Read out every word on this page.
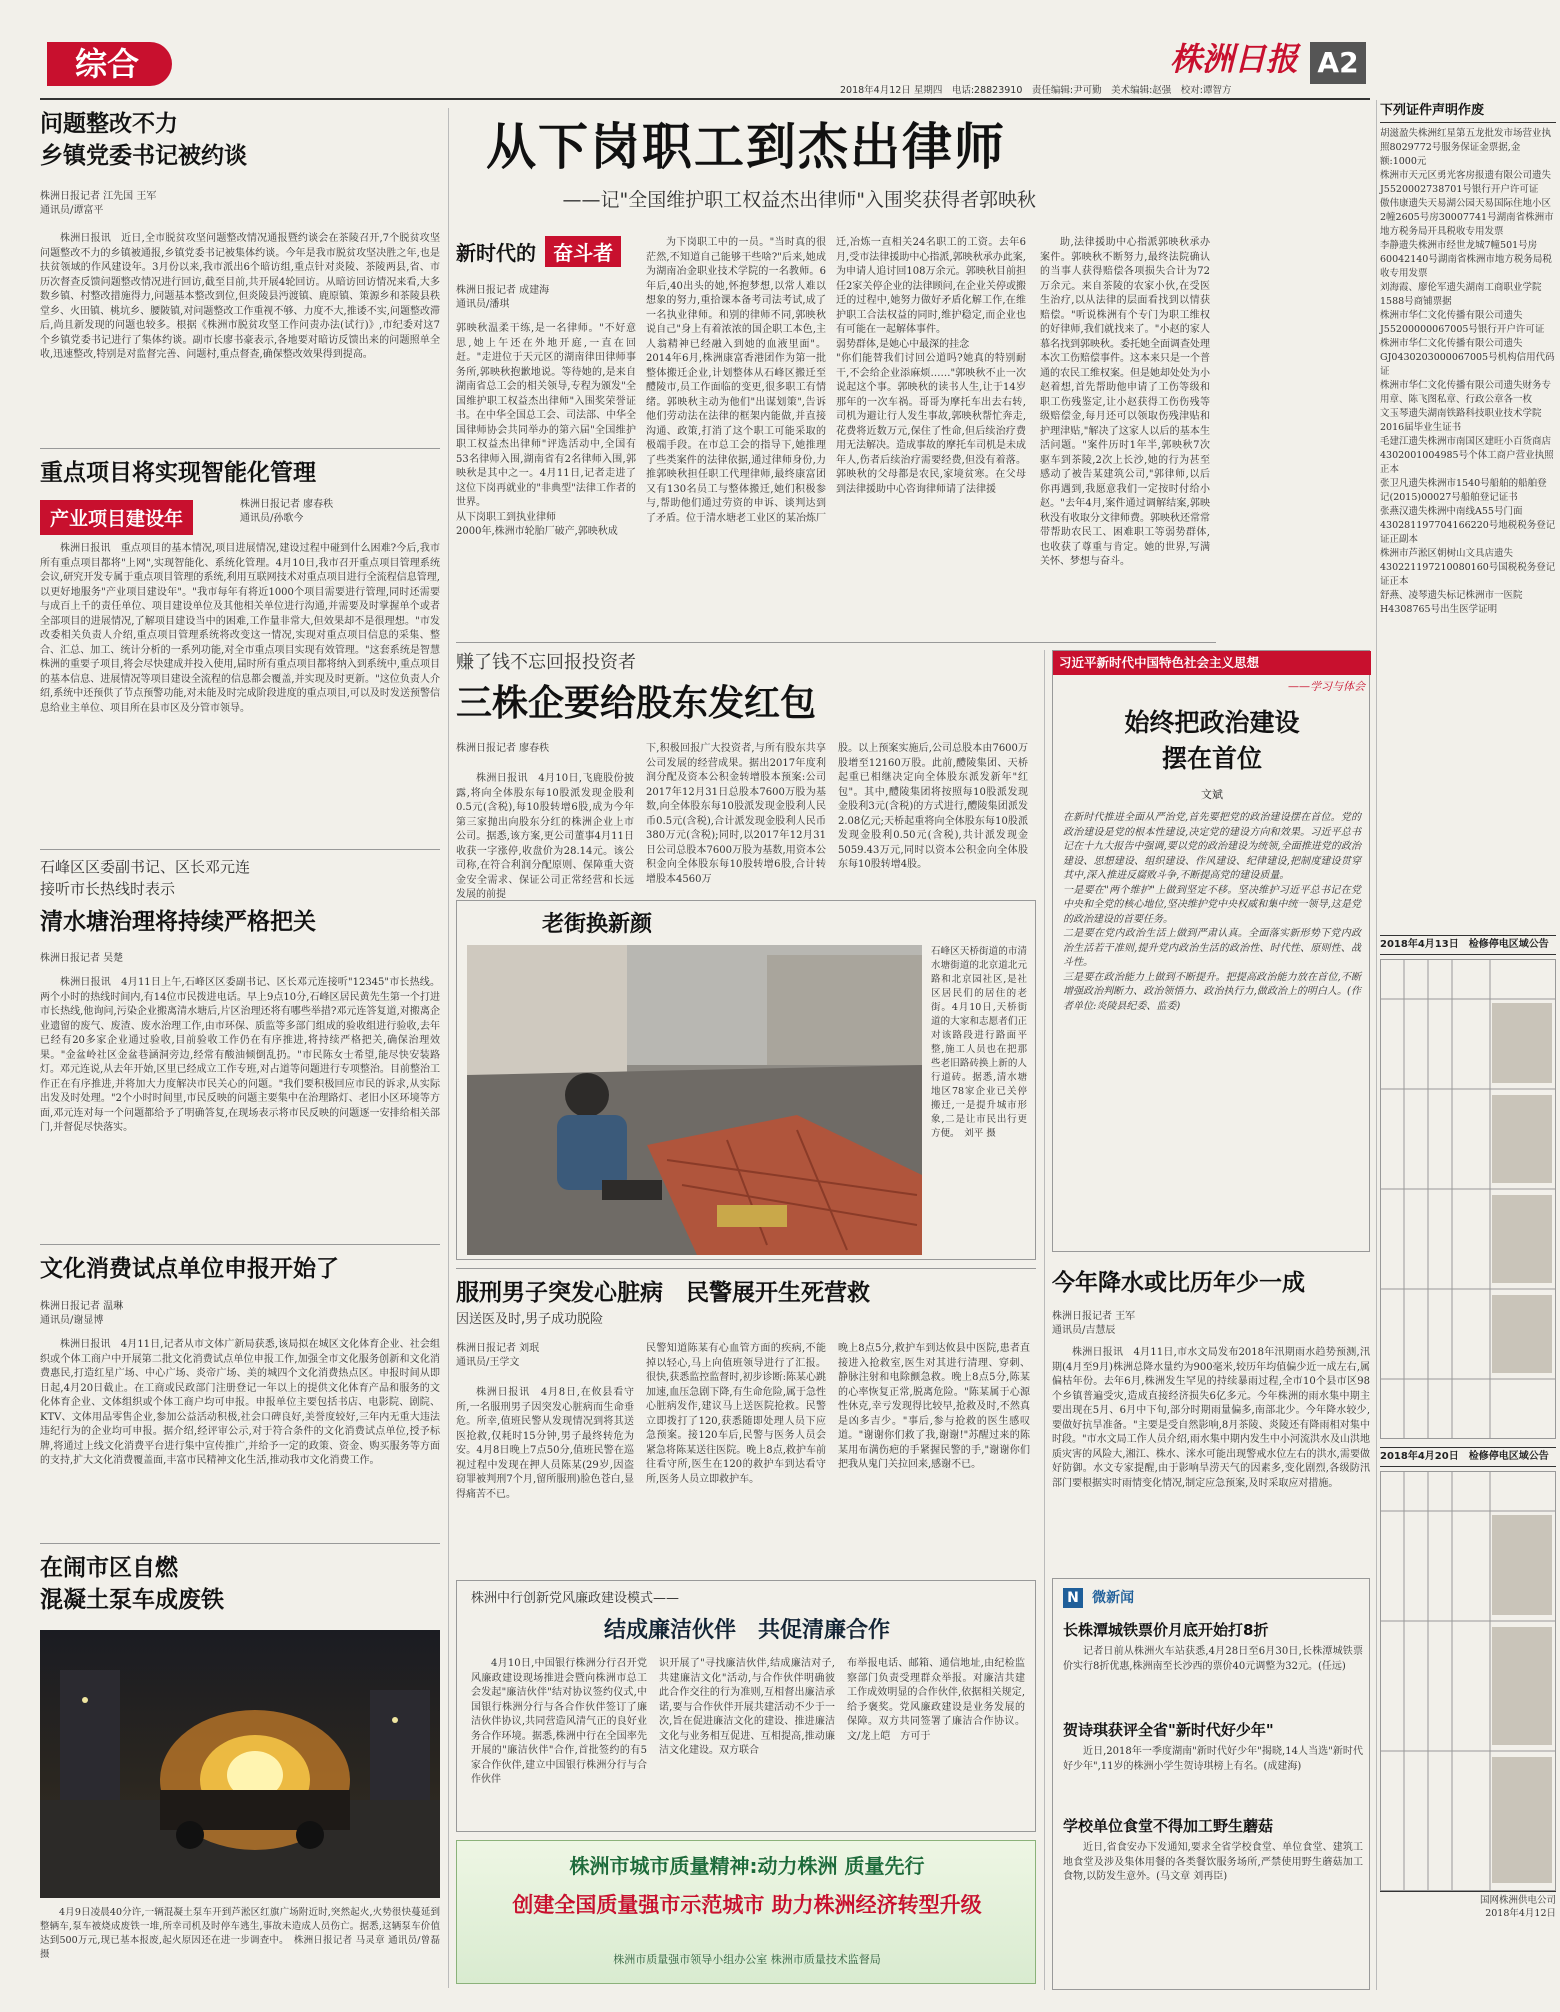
综合	株洲日报 A2
2018年4月12日 星期四　电话:28823910　责任编辑:尹可勤　美术编辑:赵强　校对:谭智方
问题整改不力
乡镇党委书记被约谈
株洲日报记者 江先国 王军
通讯员/谭富平
株洲日报讯　近日,全市脱贫攻坚问题整改情况通报暨约谈会在茶陵召开,7个脱贫攻坚问题整改不力的乡镇被通报,乡镇党委书记被集体约谈。今年是我市脱贫攻坚决胜之年,也是扶贫领域的作风建设年。3月份以来,我市派出6个暗访组,重点针对炎陵、茶陵两县,省、市历次督查反馈问题整改情况进行回访,截至目前,共开展4轮回访。从暗访回访情况来看,大多数乡镇、村整改措施得力,问题基本整改到位,但炎陵县沔渡镇、鹿原镇、策源乡和茶陵县秩堂乡、火田镇、桃坑乡、腰陂镇,对问题整改工作重视不够、力度不大,推诿不实,问题整改滞后,尚且新发现的问题也较多。根据《株洲市脱贫攻坚工作问责办法(试行)》,市纪委对这7个乡镇党委书记进行了集体约谈。副市长廖书豪表示,各地要对暗访反馈出来的问题照单全收,迅速整改,特别是对监督完善、问题村,重点督查,确保整改效果得到提高。
重点项目将实现智能化管理
产业项目建设年
株洲日报记者 廖春秩
通讯员/孙歌今
株洲日报讯　重点项目的基本情况,项目进展情况,建设过程中碰到什么困难?今后,我市所有重点项目都将"上网",实现智能化、系统化管理。4月10日,我市召开重点项目管理系统会议,研究开发专属于重点项目管理的系统,利用互联网技术对重点项目进行全流程信息管理,以更好地服务"产业项目建设年"。"我市每年有将近1000个项目需要进行管理,同时还需要与成百上千的责任单位、项目建设单位及其他相关单位进行沟通,并需要及时掌握单个或者全部项目的进展情况,了解项目建设当中的困难,工作量非常大,但效果却不是很理想。"市发改委相关负责人介绍,重点项目管理系统将改变这一情况,实现对重点项目信息的采集、整合、汇总、加工、统计分析的一系列功能,对全市重点项目实现有效管理。"这套系统是智慧株洲的重要子项目,将会尽快建成并投入使用,届时所有重点项目都将纳入到系统中,重点项目的基本信息、进展情况等项目建设全流程的信息都会覆盖,并实现及时更新。"这位负责人介绍,系统中还预供了节点预警功能,对未能及时完成阶段进度的重点项目,可以及时发送预警信息给业主单位、项目所在县市区及分管市领导。
石峰区区委副书记、区长邓元连
接听市长热线时表示
清水塘治理将持续严格把关
株洲日报记者 吴楚
株洲日报讯　4月11日上午,石峰区区委副书记、区长邓元连接听"12345"市长热线。两个小时的热线时间内,有14位市民拨进电话。早上9点10分,石峰区居民黄先生第一个打进市长热线,他询问,污染企业搬离清水塘后,片区治理还将有哪些举措?邓元连答复道,对搬离企业遗留的废气、废渣、废水治理工作,由市环保、质监等多部门组成的验收组进行验收,去年已经有20多家企业通过验收,目前验收工作仍在有序推进,将持续严格把关,确保治理效果。"金盆岭社区金盆巷涵洞旁边,经常有酸油倾倒乱扔。"市民陈女士希望,能尽快安装路灯。邓元连说,从去年开始,区里已经成立工作专班,对占道等问题进行专项整治。目前整治工作正在有序推进,并将加大力度解决市民关心的问题。"我们要积极回应市民的诉求,从实际出发及时处理。"2个小时时间里,市民反映的问题主要集中在治理路灯、老旧小区环境等方面,邓元连对每一个问题都给予了明确答复,在现场表示将市民反映的问题逐一安排给相关部门,并督促尽快落实。
文化消费试点单位申报开始了
株洲日报记者 温琳
通讯员/谢显博
株洲日报讯　4月11日,记者从市文体广新局获悉,该局拟在城区文化体育企业、社会组织或个体工商户中开展第二批文化消费试点单位申报工作,加强全市文化服务创新和文化消费惠民,打造红星广场、中心广场、炎帝广场、美的城四个文化消费热点区。申报时间从即日起,4月20日截止。在工商或民政部门注册登记一年以上的提供文化体育产品和服务的文化体育企业、文体组织或个体工商户均可申报。申报单位主要包括书店、电影院、剧院、KTV、文体用品零售企业,参加公益活动积极,社会口碑良好,美誉度较好,三年内无重大违法违纪行为的企业均可申报。据介绍,经评审公示,对于符合条件的文化消费试点单位,授予标牌,将通过上线文化消费平台进行集中宣传推广,并给予一定的政策、资金、购买服务等方面的支持,扩大文化消费覆盖面,丰富市民精神文化生活,推动我市文化消费工作。
在闹市区自燃
混凝土泵车成废铁
4月9日凌晨40分许,一辆混凝土泵车开到芦淞区红旗广场附近时,突然起火,火势很快蔓延到整辆车,泵车被烧成废铁一堆,所幸司机及时停车逃生,事故未造成人员伤亡。据悉,这辆泵车价值达到500万元,现已基本报废,起火原因还在进一步调查中。　株洲日报记者 马灵章 通讯员/曾磊 摄
从下岗职工到杰出律师
——记"全国维护职工权益杰出律师"入围奖获得者郭映秋
新时代的 奋斗者
株洲日报记者 成建海
通讯员/潘琪
郭映秋温柔干练,是一名律师。"不好意思,她上午还在外地开庭,一直在回赶。"走进位于天元区的湖南律田律师事务所,郭映秋抱歉地说。等待她的,是来自湖南省总工会的相关领导,专程为颁发"全国维护职工权益杰出律师"入围奖荣誉证书。在中华全国总工会、司法部、中华全国律师协会共同举办的第六届"全国维护职工权益杰出律师"评选活动中,全国有53名律师入围,湖南省有2名律师入围,郭映秋是其中之一。4月11日,记者走进了这位下岗再就业的"非典型"法律工作者的世界。
从下岗职工到执业律师
2000年,株洲市轮胎厂破产,郭映秋成
为下岗职工中的一员。"当时真的很茫然,不知道自己能够干些啥?"后来,她成为湖南冶金职业技术学院的一名教师。6年后,40出头的她,怀抱梦想,以常人难以想象的努力,重拾课本备考司法考试,成了一名执业律师。和别的律师不同,郭映秋说自己"身上有着浓浓的国企职工本色,主人翁精神已经融入到她的血液里面"。2014年6月,株洲康富香港团作为第一批整体搬迁企业,计划整体从石峰区搬迁至醴陵市,员工作面临的变更,很多职工有情绪。郭映秋主动为他们"出谋划策",告诉他们劳动法在法律的框架内能做,并直接沟通、政策,打消了这个职工可能采取的极端手段。在市总工会的指导下,她推理了些类案件的法律依据,通过律师身份,力推郭映秋担任职工代理律师,最终康富团又有130名员工与整体搬迁,她们积极参与,帮助他们通过劳资的申诉、谈判达到了矛盾。位于清水塘老工业区的某冶炼厂
迁,冶炼一直相关24名职工的工资。去年6月,受市法律援助中心指派,郭映秋承办此案,为申请人追讨回108万余元。郭映秋目前担任2家关停企业的法律顾问,在企业关停或搬迁的过程中,她努力做好矛盾化解工作,在维护职工合法权益的同时,维护稳定,而企业也有可能在一起解体事件。
弱势群体,是她心中最深的挂念
"你们能替我们讨回公道吗?她真的特别耐干,不会给企业添麻烦……"郭映秋不止一次说起这个事。郭映秋的读书人生,让于14岁那年的一次车祸。哥哥为摩托车出去右转,司机为避让行人发生事故,郭映秋帮忙奔走,花费将近数万元,保住了性命,但后续治疗费用无法解决。造成事故的摩托车司机是未成年人,伤者后续治疗需要经费,但没有着落。郭映秋的父母都是农民,家境贫寒。在父母到法律援助中心咨询律师请了法律援
助,法律援助中心指派郭映秋承办案件。郭映秋不断努力,最终法院确认的当事人获得赔偿各项损失合计为72万余元。来自茶陵的农家小伙,在受医生治疗,以从法律的层面看找到以情获赔偿。"听说株洲有个专门为职工维权的好律师,我们就找来了。"小赵的家人慕名找到郭映秋。委托她全面调查处理本次工伤赔偿事件。这本来只是一个普通的农民工维权案。但是她却处处为小赵着想,首先帮助他申请了工伤等级和职工伤残鉴定,让小赵获得工伤伤残等级赔偿金,每月还可以领取伤残津贴和护理津贴,"解决了这家人以后的基本生活问题。"案件历时1年半,郭映秋7次驱车到茶陵,2次上长沙,她的行为甚至感动了被告某建筑公司,"郭律师,以后你再遇到,我愿意我们一定按时付给小赵。"去年4月,案件通过调解结案,郭映秋没有收取分文律师费。郭映秋还常常带帮助农民工、困难职工等弱势群体,也收获了尊重与肯定。她的世界,写满关怀、梦想与奋斗。
赚了钱不忘回报投资者
三株企要给股东发红包
株洲日报记者 廖春秩
株洲日报讯　4月10日,飞鹿股份披露,将向全体股东每10股派发现金股利0.5元(含税),每10股转增6股,成为今年第三家抛出向股东分红的株洲企业上市公司。据悉,该方案,更公司董事4月11日收获一字涨停,收盘价为28.14元。该公司称,在符合利润分配原则、保障重大资金安全需求、保证公司正常经营和长远发展的前提
下,积极回报广大投资者,与所有股东共享公司发展的经营成果。据出2017年度利润分配及资本公积金转增股本预案:公司2017年12月31日总股本7600万股为基数,向全体股东每10股派发现金股利人民币0.5元(含税),合计派发现金股利人民币380万元(含税);同时,以2017年12月31日公司总股本7600万股为基数,用资本公积金向全体股东每10股转增6股,合计转增股本4560万
股。以上预案实施后,公司总股本由7600万股增至12160万股。此前,醴陵集团、天桥起重已相继决定向全体股东派发新年"红包"。其中,醴陵集团将按照每10股派发现金股利3元(含税)的方式进行,醴陵集团派发2.08亿元;天桥起重将向全体股东每10股派发现金股利0.50元(含税),共计派发现金5059.43万元,同时以资本公积金向全体股东每10股转增4股。
老街换新颜
石峰区天桥街道的市清水塘街道的北京道北元路和北京园社区,是社区居民们的居住的老街。4月10日,天桥街道的大家和志愿者们正对该路段进行路面平整,施工人员也在把那些老旧路砖换上新的人行道砖。据悉,清水塘地区78家企业已关停搬迁,一是提升城市形象,二是让市民出行更方便。　刘平 摄
服刑男子突发心脏病　民警展开生死营救
因送医及时,男子成功脱险
株洲日报记者 刘珉
通讯员/王学文
株洲日报讯　4月8日,在攸县看守所,一名服刑男子因突发心脏病而生命垂危。所幸,值班民警从发现情况到将其送医抢救,仅耗时15分钟,男子最终转危为安。4月8日晚上7点50分,值班民警在巡视过程中发现在押人员陈某(29岁,因盗窃罪被判刑7个月,留所服刑)脸色苍白,显得痛苦不已。
民警知道陈某有心血管方面的疾病,不能掉以轻心,马上向值班领导进行了汇报。很快,获悉监控监督时,初步诊断:陈某心跳加速,血压急剧下降,有生命危险,属于急性心脏病发作,建议马上送医院抢救。民警立即拨打了120,获悉随即处理人员下应急预案。接120车后,民警与医务人员会紧急将陈某送往医院。晚上8点,救护车前往看守所,医生在120的救护车到达看守所,医务人员立即救护车。
晚上8点5分,救护车到达攸县中医院,患者直接进入抢救室,医生对其进行清理、穿刺、静脉注射和电除颤急救。晚上8点5分,陈某的心率恢复正常,脱离危险。"陈某属于心源性休克,幸亏发现得比较早,抢救及时,不然真是凶多吉少。"事后,参与抢救的医生感叹道。"谢谢你们救了我,谢谢!"苏醒过来的陈某用布满伤疤的手紧握民警的手,"谢谢你们把我从鬼门关拉回来,感谢不已。
株洲中行创新党风廉政建设模式——
结成廉洁伙伴　共促清廉合作
4月10日,中国银行株洲分行召开党风廉政建设现场推进会暨向株洲市总工会发起"廉洁伙伴"结对协议签约仪式,中国银行株洲分行与各合作伙伴签订了廉洁伙伴协议,共同营造风清气正的良好业务合作环境。据悉,株洲中行在全国率先开展的"廉洁伙伴"合作,首批签约的有5家合作伙伴,建立中国银行株洲分行与合作伙伴
识开展了"寻找廉洁伙伴,结成廉洁对子,共建廉洁文化"活动,与合作伙伴明确彼此合作交往的行为准则,互相督出廉洁承诺,要与合作伙伴开展共建活动不少于一次,旨在促进廉洁文化的建设、推进廉洁文化与业务相互促进、互相提高,推动廉洁文化建设。双方联合
布举报电话、邮箱、通信地址,由纪检监察部门负责受理群众举报。对廉洁共建工作成效明显的合作伙伴,依据相关规定,给予褒奖。党风廉政建设是业务发展的保障。双方共同签署了廉洁合作协议。文/龙上皑　方可于
株洲市城市质量精神:动力株洲 质量先行
创建全国质量强市示范城市 助力株洲经济转型升级
株洲市质量强市领导小组办公室 株洲市质量技术监督局
习近平新时代中国特色社会主义思想
——学习与体会
始终把政治建设
摆在首位
文斌
在新时代推进全面从严治党,首先要把党的政治建设摆在首位。党的政治建设是党的根本性建设,决定党的建设方向和效果。习近平总书记在十九大报告中强调,要以党的政治建设为统领,全面推进党的政治建设、思想建设、组织建设、作风建设、纪律建设,把制度建设贯穿其中,深入推进反腐败斗争,不断提高党的建设质量。
一是要在"两个维护"上做到坚定不移。坚决维护习近平总书记在党中央和全党的核心地位,坚决维护党中央权威和集中统一领导,这是党的政治建设的首要任务。
二是要在党内政治生活上做到严肃认真。全面落实新形势下党内政治生活若干准则,提升党内政治生活的政治性、时代性、原则性、战斗性。
三是要在政治能力上做到不断提升。把提高政治能力放在首位,不断增强政治判断力、政治领悟力、政治执行力,做政治上的明白人。(作者单位:炎陵县纪委、监委)
今年降水或比历年少一成
株洲日报记者 王军
通讯员/吉慧辰
株洲日报讯　4月11日,市水文局发布2018年汛期雨水趋势预测,汛期(4月至9月)株洲总降水量约为900毫米,较历年均值偏少近一成左右,属偏枯年份。去年6月,株洲发生罕见的持续暴雨过程,全市10个县市区98个乡镇普遍受灾,造成直接经济损失6亿多元。今年株洲的雨水集中期主要出现在5月、6月中下旬,部分时期雨量偏多,南部北少。今年降水较少,要做好抗旱准备。"主要是受自然影响,8月茶陵、炎陵还有降雨相对集中时段。"市水文局工作人员介绍,雨水集中期内发生中小河流洪水及山洪地质灾害的风险大,湘江、株水、洣水可能出现警戒水位左右的洪水,需要做好防御。水文专家提醒,由于影响旱涝天气的因素多,变化剧烈,各级防汛部门要根据实时雨情变化情况,制定应急预案,及时采取应对措施。
N 微新闻
长株潭城铁票价月底开始打8折
记者日前从株洲火车站获悉,4月28日至6月30日,长株潭城铁票价实行8折优惠,株洲南至长沙西的票价40元调整为32元。(任远)
贺诗琪获评全省"新时代好少年"
近日,2018年一季度湖南"新时代好少年"揭晓,14人当选"新时代好少年",11岁的株洲小学生贺诗琪榜上有名。(成建海)
学校单位食堂不得加工野生蘑菇
近日,省食安办下发通知,要求全省学校食堂、单位食堂、建筑工地食堂及涉及集体用餐的各类餐饮服务场所,严禁使用野生蘑菇加工食物,以防发生意外。(马文章 刘再臣)
下列证件声明作废
胡滋盈失株洲红星第五龙批发市场营业执照8029772号服务保证金票据,金额:1000元
株洲市天元区勇光客房报遗有限公司遗失J5520002738701号银行开户许可证
傲伟康遗失天易湖公园天易国际住地小区2幢2605号房30007741号湖南省株洲市地方税务局开具税收专用发票
李静遗失株洲市经世龙城7幢501号房60042140号湖南省株洲市地方税务局税收专用发票
刘海霞、廖伦军遗失湖南工商职业学院1588号商铺票据
株洲市华仁文化传播有限公司遗失J55200000067005号银行开户许可证
株洲市华仁文化传播有限公司遗失GJ0430203000067005号机构信用代码证
株洲市华仁文化传播有限公司遗失财务专用章、陈飞图私章、行政公章各一枚
文玉琴遗失湖南铁路科技职业技术学院2016届毕业生证书
毛建江遗失株洲市南国区建旺小百货商店4302001004985号个体工商户营业执照正本
张卫凡遗失株洲市1540号船舶的船舶登记(2015)00027号船舶登记证书
张燕汉遗失株洲中南线A55号门面430281197704166220号地税税务登记证正副本
株洲市芦淞区朝树山文具店遗失430221197210080160号国税税务登记证正本
舒燕、凌琴遗失标记株洲市一医院H4308765号出生医学证明
2018年4月13日　检修停电区域公告
2018年4月20日　检修停电区域公告
国网株洲供电公司
2018年4月12日
